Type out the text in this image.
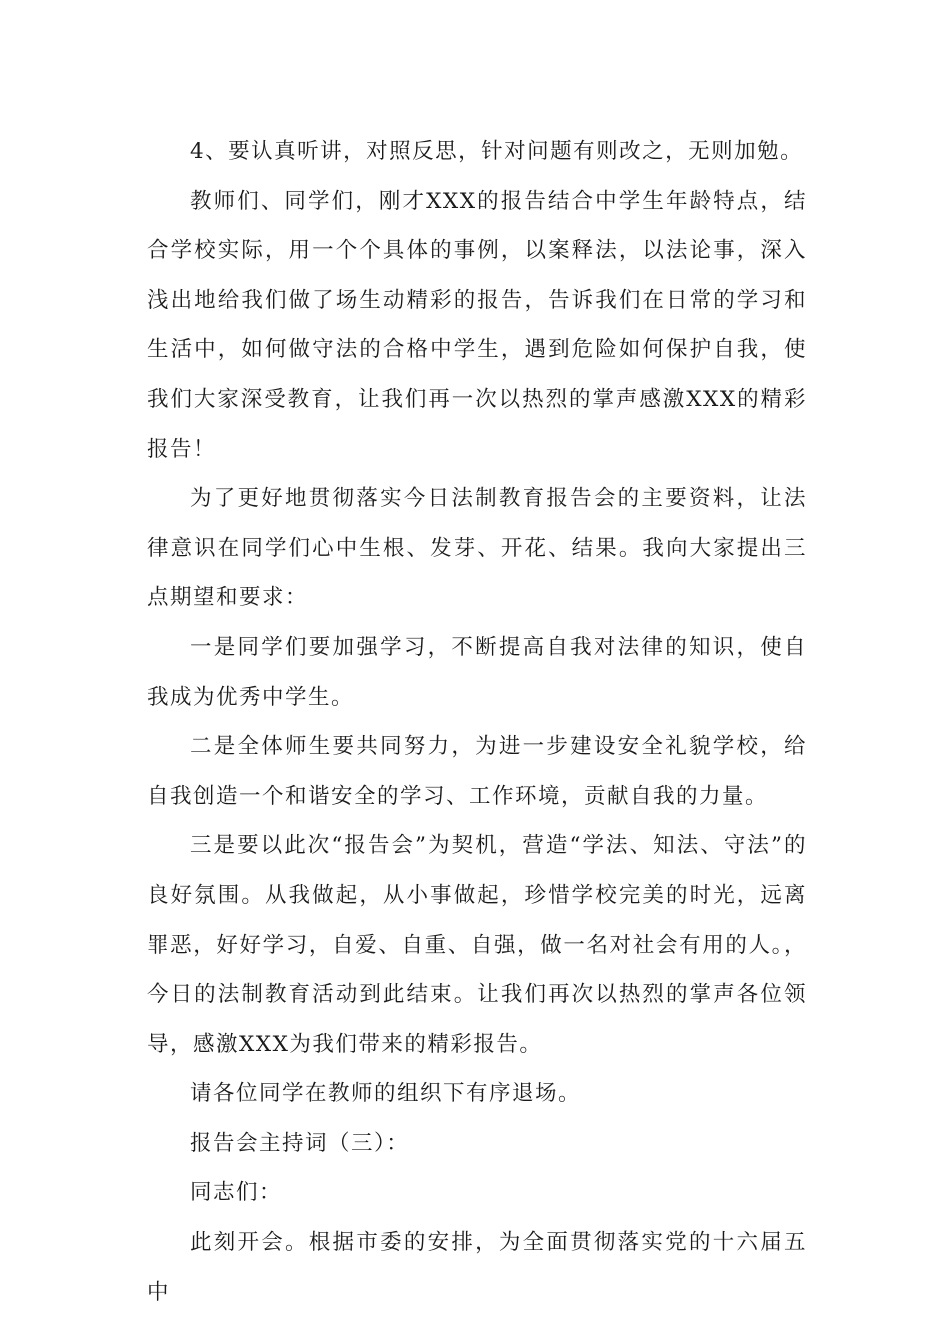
4、要认真听讲，对照反思，针对问题有则改之，无则加勉。

教师们、同学们，刚才XXX的报告结合中学生年龄特点，结合学校实际，用一个个具体的事例，以案释法，以法论事，深入浅出地给我们做了场生动精彩的报告，告诉我们在日常的学习和生活中，如何做守法的合格中学生，遇到危险如何保护自我，使我们大家深受教育，让我们再一次以热烈的掌声感激XXX的精彩报告！

为了更好地贯彻落实今日法制教育报告会的主要资料，让法律意识在同学们心中生根、发芽、开花、结果。我向大家提出三点期望和要求：

一是同学们要加强学习，不断提高自我对法律的知识，使自我成为优秀中学生。

二是全体师生要共同努力，为进一步建设安全礼貌学校，给自我创造一个和谐安全的学习、工作环境，贡献自我的力量。

三是要以此次“报告会”为契机，营造“学法、知法、守法”的良好氛围。从我做起，从小事做起，珍惜学校完美的时光，远离罪恶，好好学习，自爱、自重、自强，做一名对社会有用的人。，今日的法制教育活动到此结束。让我们再次以热烈的掌声各位领导，感激XXX为我们带来的精彩报告。

请各位同学在教师的组织下有序退场。

报告会主持词（三）：

同志们：

此刻开会。根据市委的安排，为全面贯彻落实党的十六届五中
